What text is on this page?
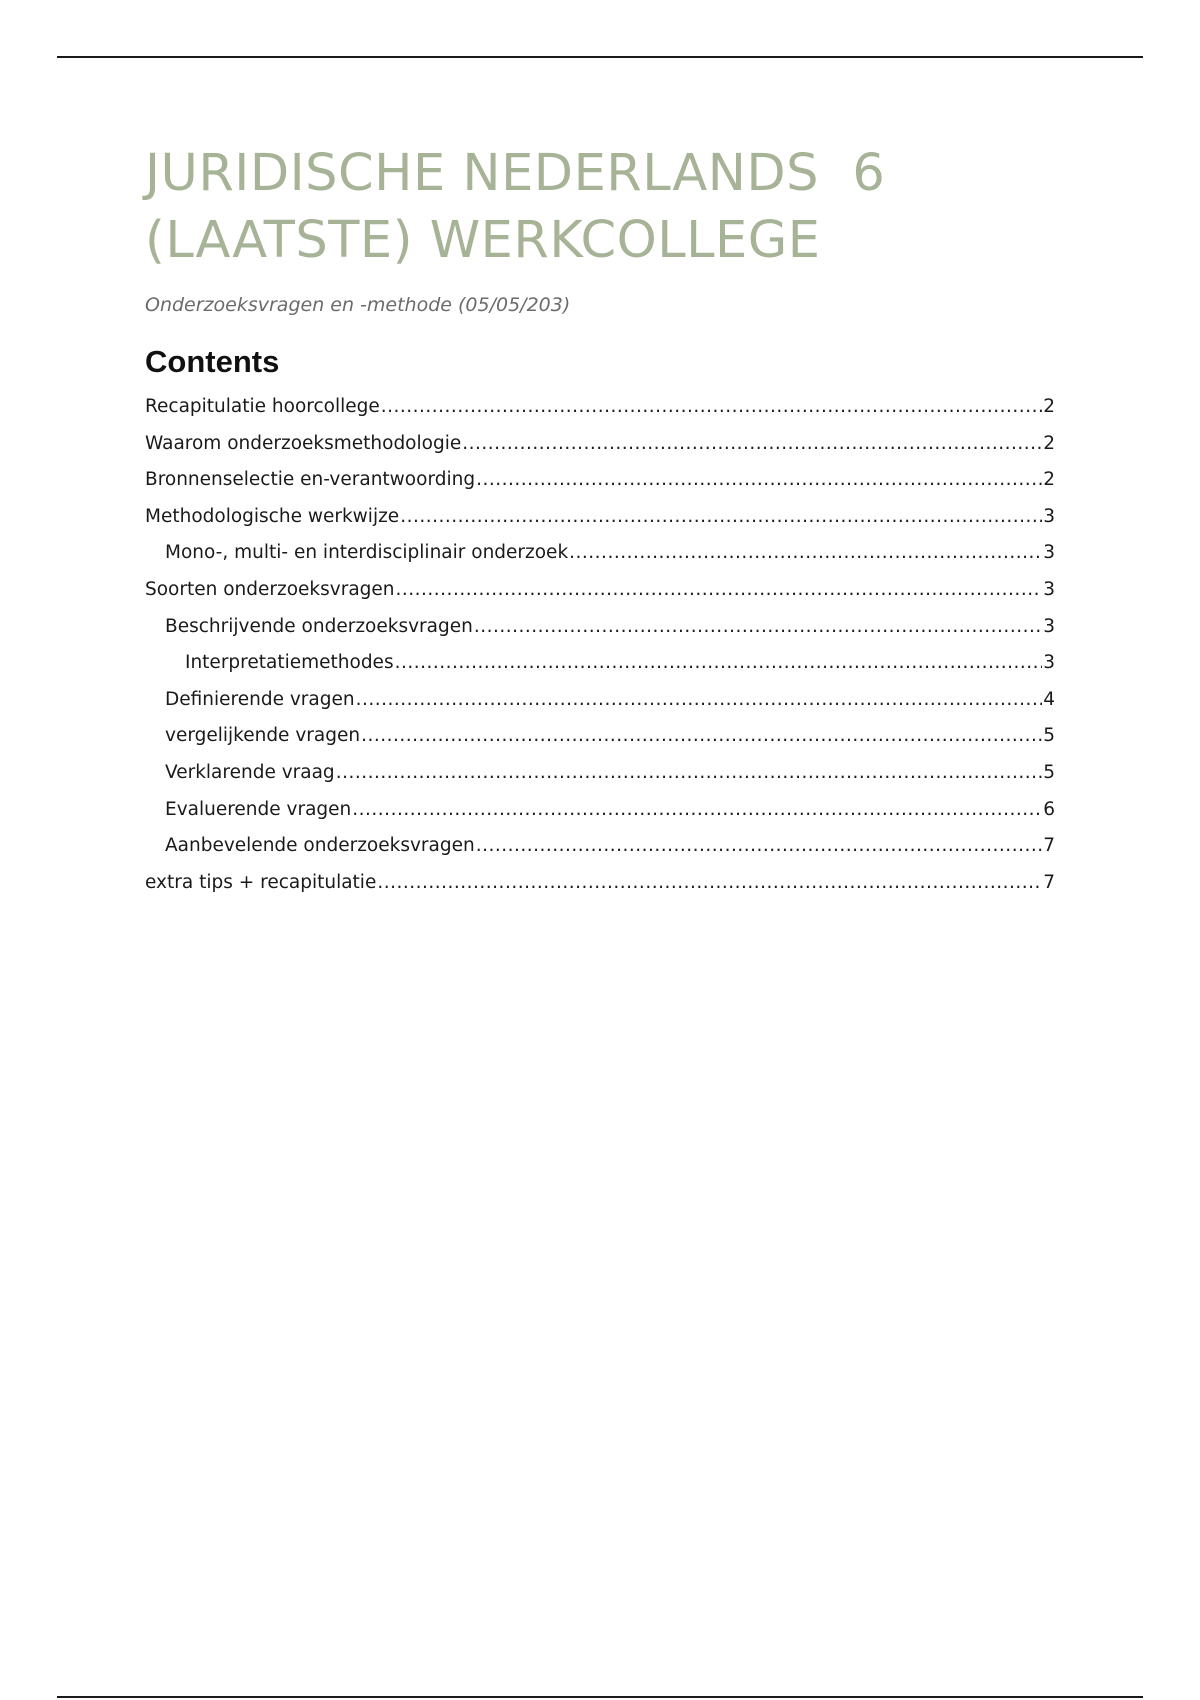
JURIDISCHE NEDERLANDS  6
(LAATSTE) WERKCOLLEGE

Onderzoeksvragen en -methode (05/05/203)

Contents
Recapitulatie hoorcollege .....	2
Waarom onderzoeksmethodologie .....	2
Bronnenselectie en-verantwoording .....	2
Methodologische werkwijze .....	3
Mono-, multi- en interdisciplinair onderzoek .....	3
Soorten onderzoeksvragen .....	3
Beschrijvende onderzoeksvragen .....	3
Interpretatiemethodes .....	3
Definierende vragen .....	4
vergelijkende vragen .....	5
Verklarende vraag .....	5
Evaluerende vragen .....	6
Aanbevelende onderzoeksvragen .....	7
extra tips + recapitulatie .....	7
